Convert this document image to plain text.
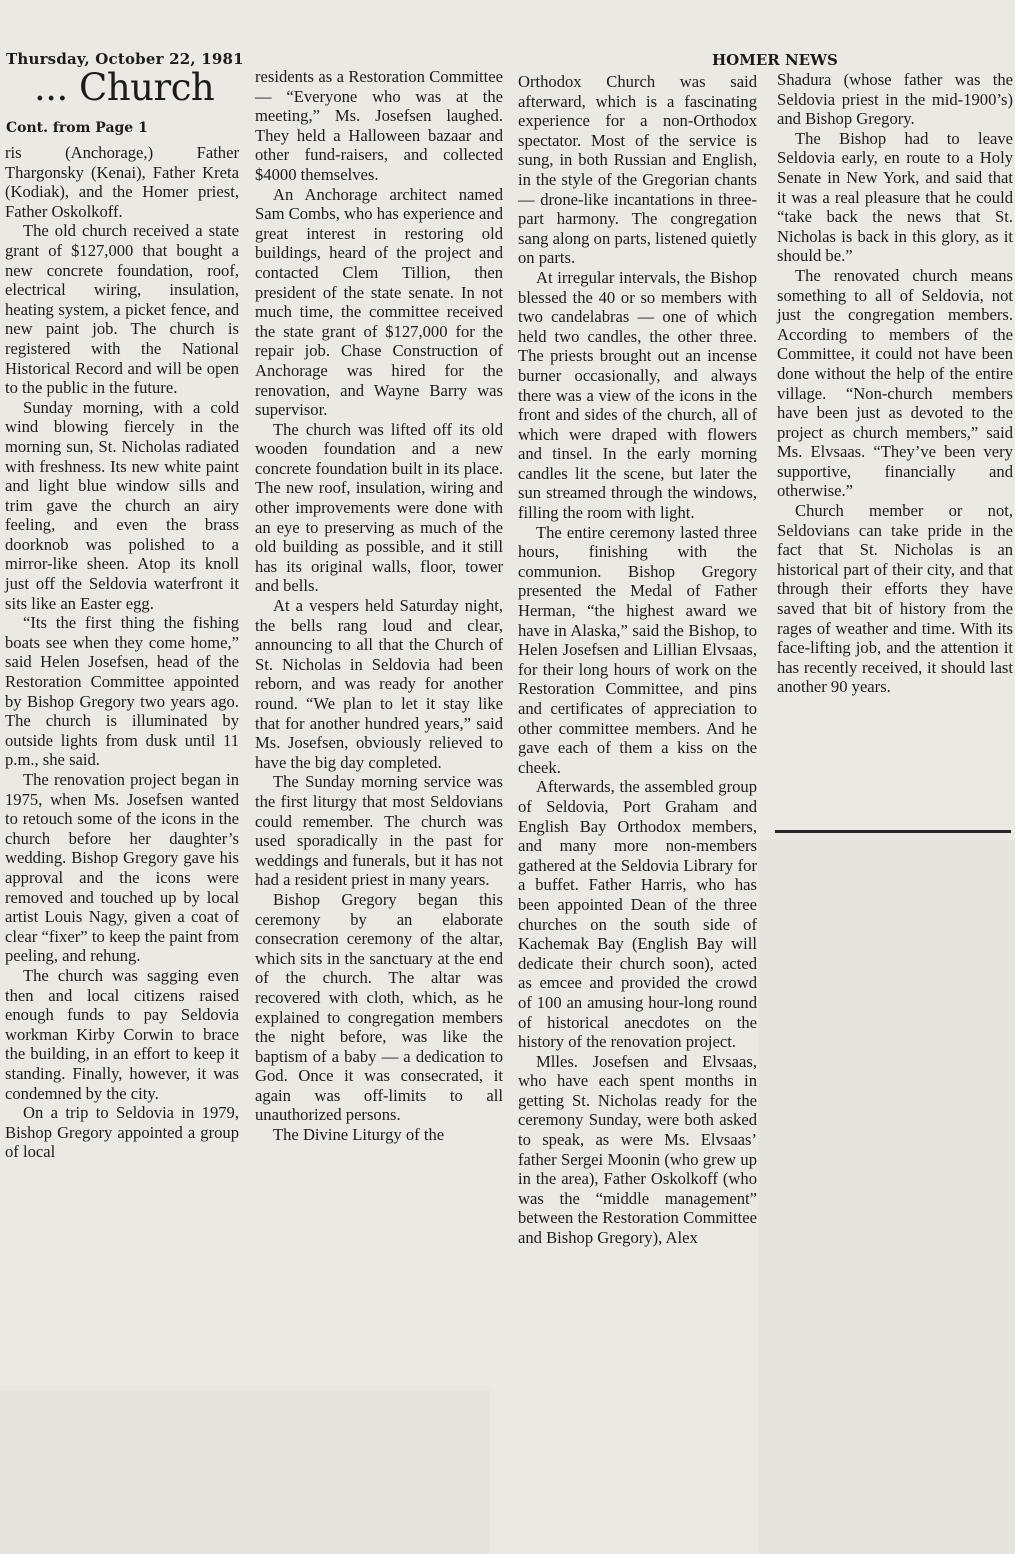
Thursday, October 22, 1981	HOMER NEWS
... Church
Cont. from Page 1

ris (Anchorage,) Father Thargonsky (Kenai), Father Kreta (Kodiak), and the Homer priest, Father Oskolkoff.

The old church received a state grant of $127,000 that bought a new concrete foundation, roof, electrical wiring, insulation, heating system, a picket fence, and new paint job. The church is registered with the National Historical Record and will be open to the public in the future.

Sunday morning, with a cold wind blowing fiercely in the morning sun, St. Nicholas radiated with freshness. Its new white paint and light blue window sills and trim gave the church an airy feeling, and even the brass doorknob was polished to a mirror-like sheen. Atop its knoll just off the Seldovia waterfront it sits like an Easter egg.

“Its the first thing the fishing boats see when they come home,” said Helen Josefsen, head of the Restoration Committee appointed by Bishop Gregory two years ago. The church is illuminated by outside lights from dusk until 11 p.m., she said.

The renovation project began in 1975, when Ms. Josefsen wanted to retouch some of the icons in the church before her daughter’s wedding. Bishop Gregory gave his approval and the icons were removed and touched up by local artist Louis Nagy, given a coat of clear “fixer” to keep the paint from peeling, and rehung.

The church was sagging even then and local citizens raised enough funds to pay Seldovia workman Kirby Corwin to brace the building, in an effort to keep it standing. Finally, however, it was condemned by the city.

On a trip to Seldovia in 1979, Bishop Gregory appointed a group of local

residents as a Restoration Committee — “Everyone who was at the meeting,” Ms. Josefsen laughed. They held a Halloween bazaar and other fund-raisers, and collected $4000 themselves.

An Anchorage architect named Sam Combs, who has experience and great interest in restoring old buildings, heard of the project and contacted Clem Tillion, then president of the state senate. In not much time, the committee received the state grant of $127,000 for the repair job. Chase Construction of Anchorage was hired for the renovation, and Wayne Barry was supervisor.

The church was lifted off its old wooden foundation and a new concrete foundation built in its place. The new roof, insulation, wiring and other improvements were done with an eye to preserving as much of the old building as possible, and it still has its original walls, floor, tower and bells.

At a vespers held Saturday night, the bells rang loud and clear, announcing to all that the Church of St. Nicholas in Seldovia had been reborn, and was ready for another round. “We plan to let it stay like that for another hundred years,” said Ms. Josefsen, obviously relieved to have the big day completed.

The Sunday morning service was the first liturgy that most Seldovians could remember. The church was used sporadically in the past for weddings and funerals, but it has not had a resident priest in many years.

Bishop Gregory began this ceremony by an elaborate consecration ceremony of the altar, which sits in the sanctuary at the end of the church. The altar was recovered with cloth, which, as he explained to congregation members the night before, was like the baptism of a baby — a dedication to God. Once it was consecrated, it again was off-limits to all unauthorized persons.

The Divine Liturgy of the

Orthodox Church was said afterward, which is a fascinating experience for a non-Orthodox spectator. Most of the service is sung, in both Russian and English, in the style of the Gregorian chants — drone-like incantations in three-part harmony. The congregation sang along on parts, listened quietly on parts.

At irregular intervals, the Bishop blessed the 40 or so members with two candelabras — one of which held two candles, the other three. The priests brought out an incense burner occasionally, and always there was a view of the icons in the front and sides of the church, all of which were draped with flowers and tinsel. In the early morning candles lit the scene, but later the sun streamed through the windows, filling the room with light.

The entire ceremony lasted three hours, finishing with the communion. Bishop Gregory presented the Medal of Father Herman, “the highest award we have in Alaska,” said the Bishop, to Helen Josefsen and Lillian Elvsaas, for their long hours of work on the Restoration Committee, and pins and certificates of appreciation to other committee members. And he gave each of them a kiss on the cheek.

Afterwards, the assembled group of Seldovia, Port Graham and English Bay Orthodox members, and many more non-members gathered at the Seldovia Library for a buffet. Father Harris, who has been appointed Dean of the three churches on the south side of Kachemak Bay (English Bay will dedicate their church soon), acted as emcee and provided the crowd of 100 an amusing hour-long round of historical anecdotes on the history of the renovation project.

Mlles. Josefsen and Elvsaas, who have each spent months in getting St. Nicholas ready for the ceremony Sunday, were both asked to speak, as were Ms. Elvsaas’ father Sergei Moonin (who grew up in the area), Father Oskolkoff (who was the “middle management” between the Restoration Committee and Bishop Gregory), Alex

Shadura (whose father was the Seldovia priest in the mid-1900’s) and Bishop Gregory.

The Bishop had to leave Seldovia early, en route to a Holy Senate in New York, and said that it was a real pleasure that he could “take back the news that St. Nicholas is back in this glory, as it should be.”

The renovated church means something to all of Seldovia, not just the congregation members. According to members of the Committee, it could not have been done without the help of the entire village. “Non-church members have been just as devoted to the project as church members,” said Ms. Elvsaas. “They’ve been very supportive, financially and otherwise.”

Church member or not, Seldovians can take pride in the fact that St. Nicholas is an historical part of their city, and that through their efforts they have saved that bit of history from the rages of weather and time. With its face-lifting job, and the attention it has recently received, it should last another 90 years.
